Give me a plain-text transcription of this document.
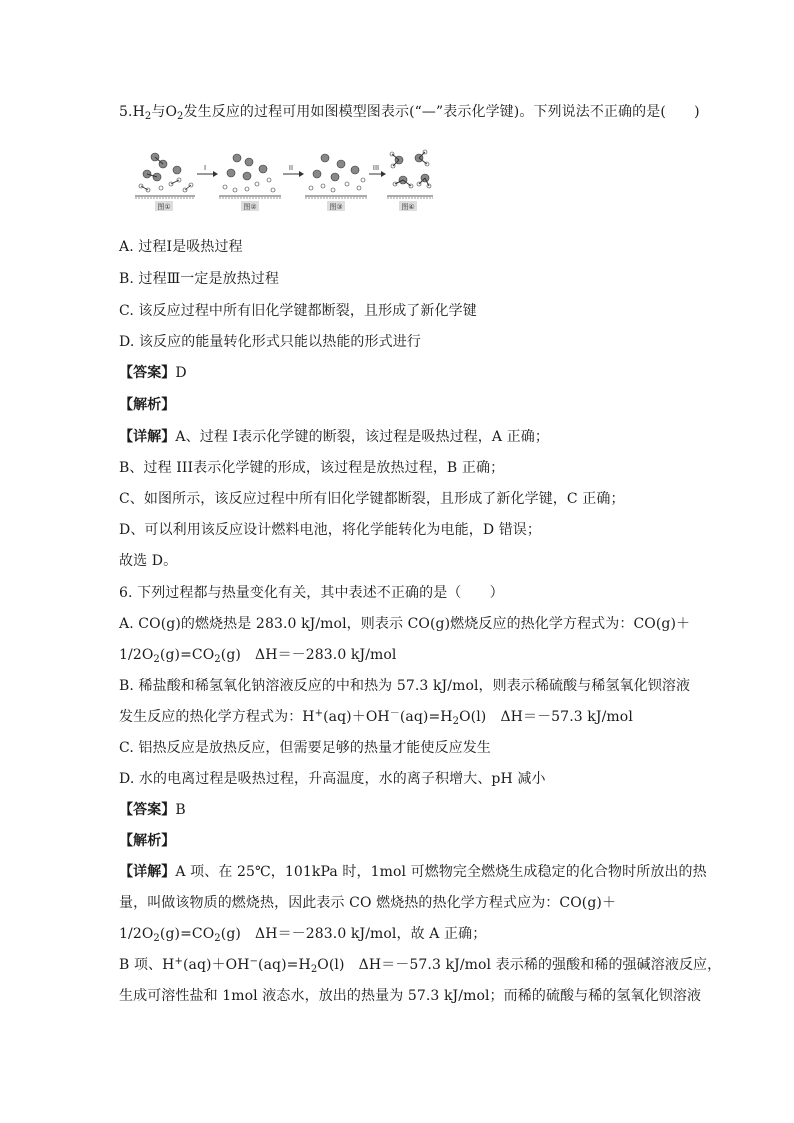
$5.H_2$与$O_2$发生反应的过程可用如图模型图表示(“—”表示化学键)。下列说法不正确的是(　　)
图①
I
图②
II
图③
III
图④
A. 过程Ⅰ是吸热过程
B. 过程Ⅲ一定是放热过程
C. 该反应过程中所有旧化学键都断裂，且形成了新化学键
D. 该反应的能量转化形式只能以热能的形式进行
【答案】D
【解析】
【详解】A、过程 I表示化学键的断裂，该过程是吸热过程，A 正确；
B、过程 III表示化学键的形成，该过程是放热过程，B 正确；
C、如图所示，该反应过程中所有旧化学键都断裂，且形成了新化学键，C 正确；
D、可以利用该反应设计燃料电池，将化学能转化为电能，D 错误；
故选 D。
6. 下列过程都与热量变化有关，其中表述不正确的是（　　）
A. CO(g)的燃烧热是 283.0 kJ/mol，则表示 CO(g)燃烧反应的热化学方程式为：CO(g)＋
$1/2O_2(g)=CO_2(g)$　ΔH＝－283.0 kJ/mol
B. 稀盐酸和稀氢氧化钠溶液反应的中和热为 57.3 kJ/mol，则表示稀硫酸与稀氢氧化钡溶液
发生反应的热化学方程式为：$H^+(aq)+OH^-(aq)=H_2O(l)$　ΔH＝－57.3 kJ/mol
C. 铝热反应是放热反应，但需要足够的热量才能使反应发生
D. 水的电离过程是吸热过程，升高温度，水的离子积增大、pH 减小
【答案】B
【解析】
【详解】A 项、在 25℃，101kPa 时，1mol 可燃物完全燃烧生成稳定的化合物时所放出的热
量，叫做该物质的燃烧热，因此表示 CO 燃烧热的热化学方程式应为：CO(g)＋
$1/2O_2(g)=CO_2(g)$　ΔH＝－283.0 kJ/mol，故 A 正确；
B 项、$H^+(aq)+OH^-(aq)=H_2O(l)$　ΔH＝－57.3 kJ/mol 表示稀的强酸和稀的强碱溶液反应，
生成可溶性盐和 1mol 液态水，放出的热量为 57.3 kJ/mol；而稀的硫酸与稀的氢氧化钡溶液
